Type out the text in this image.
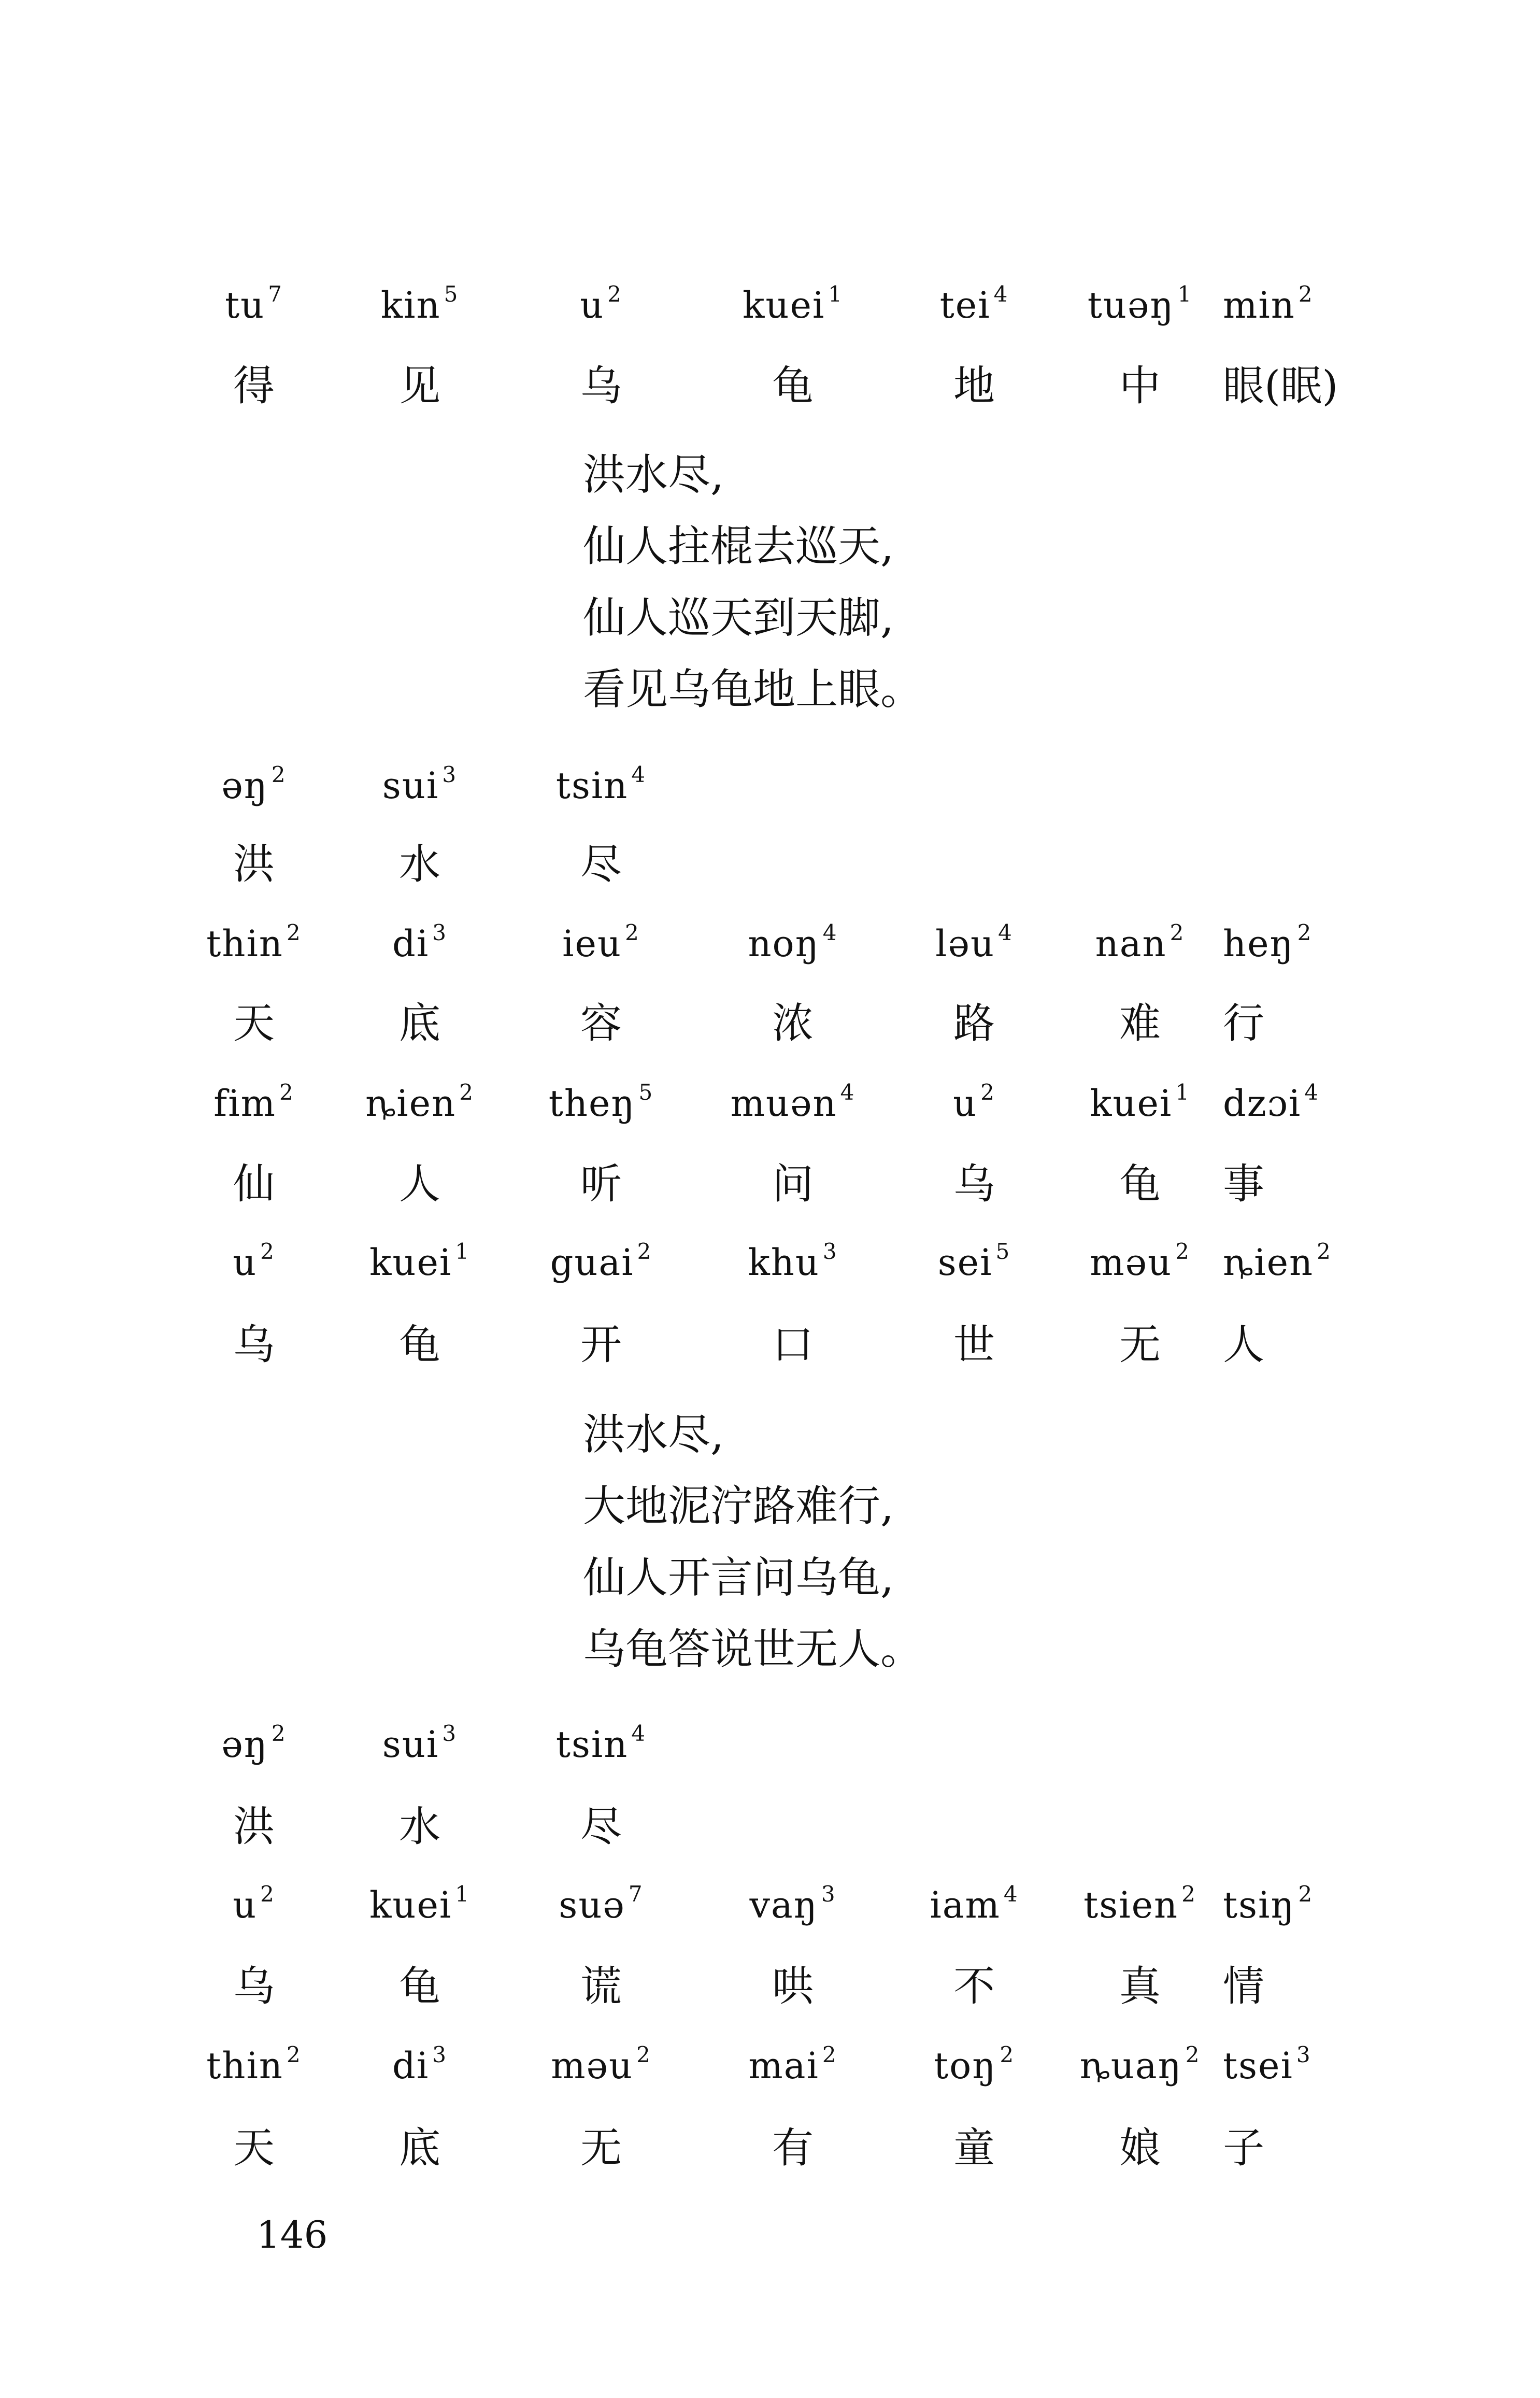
tu $^7$	kin $^5$	u $^2$	kuei $^1$	tei $^4$	tuəŋ $^1$ min $^2$
得	见	乌	龟	地	中	眼(眠)
洪水尽,
仙人拄棍去巡天,
仙人巡天到天脚,
看见乌龟地上眼。
əŋ $^2$	sui $^3$	tsin $^4$
洪	水	尽
thin $^2$	di $^3$	ieu $^2$	noŋ $^4$	ləu $^4$	nan $^2$	heŋ $^2$
天	底	容	浓	路	难	行
fim $^2$	ȵien $^2$	theŋ $^5$	muən $^4$	u $^2$	kuei $^1$ dzɔi $^4$
仙	人	听	问	乌	龟	事
u $^2$	kuei $^1$	guai $^2$	khu $^3$	sei $^5$	məu $^2$ ȵien $^2$
乌	龟	开	口	世	无	人
洪水尽,
大地泥泞路难行,
仙人开言问乌龟,
乌龟答说世无人。
əŋ $^2$	sui $^3$	tsin $^4$
洪	水	尽
u $^2$	kuei $^1$	suə $^7$	vaŋ $^3$	iam $^4$	tsien $^2$ tsiŋ $^2$
乌	龟	谎	哄	不	真	情
thin $^2$	di $^3$	məu $^2$	mai $^2$	toŋ $^2$	ȵuaŋ $^2$ tsei $^3$
天	底	无	有	童	娘	子
146
